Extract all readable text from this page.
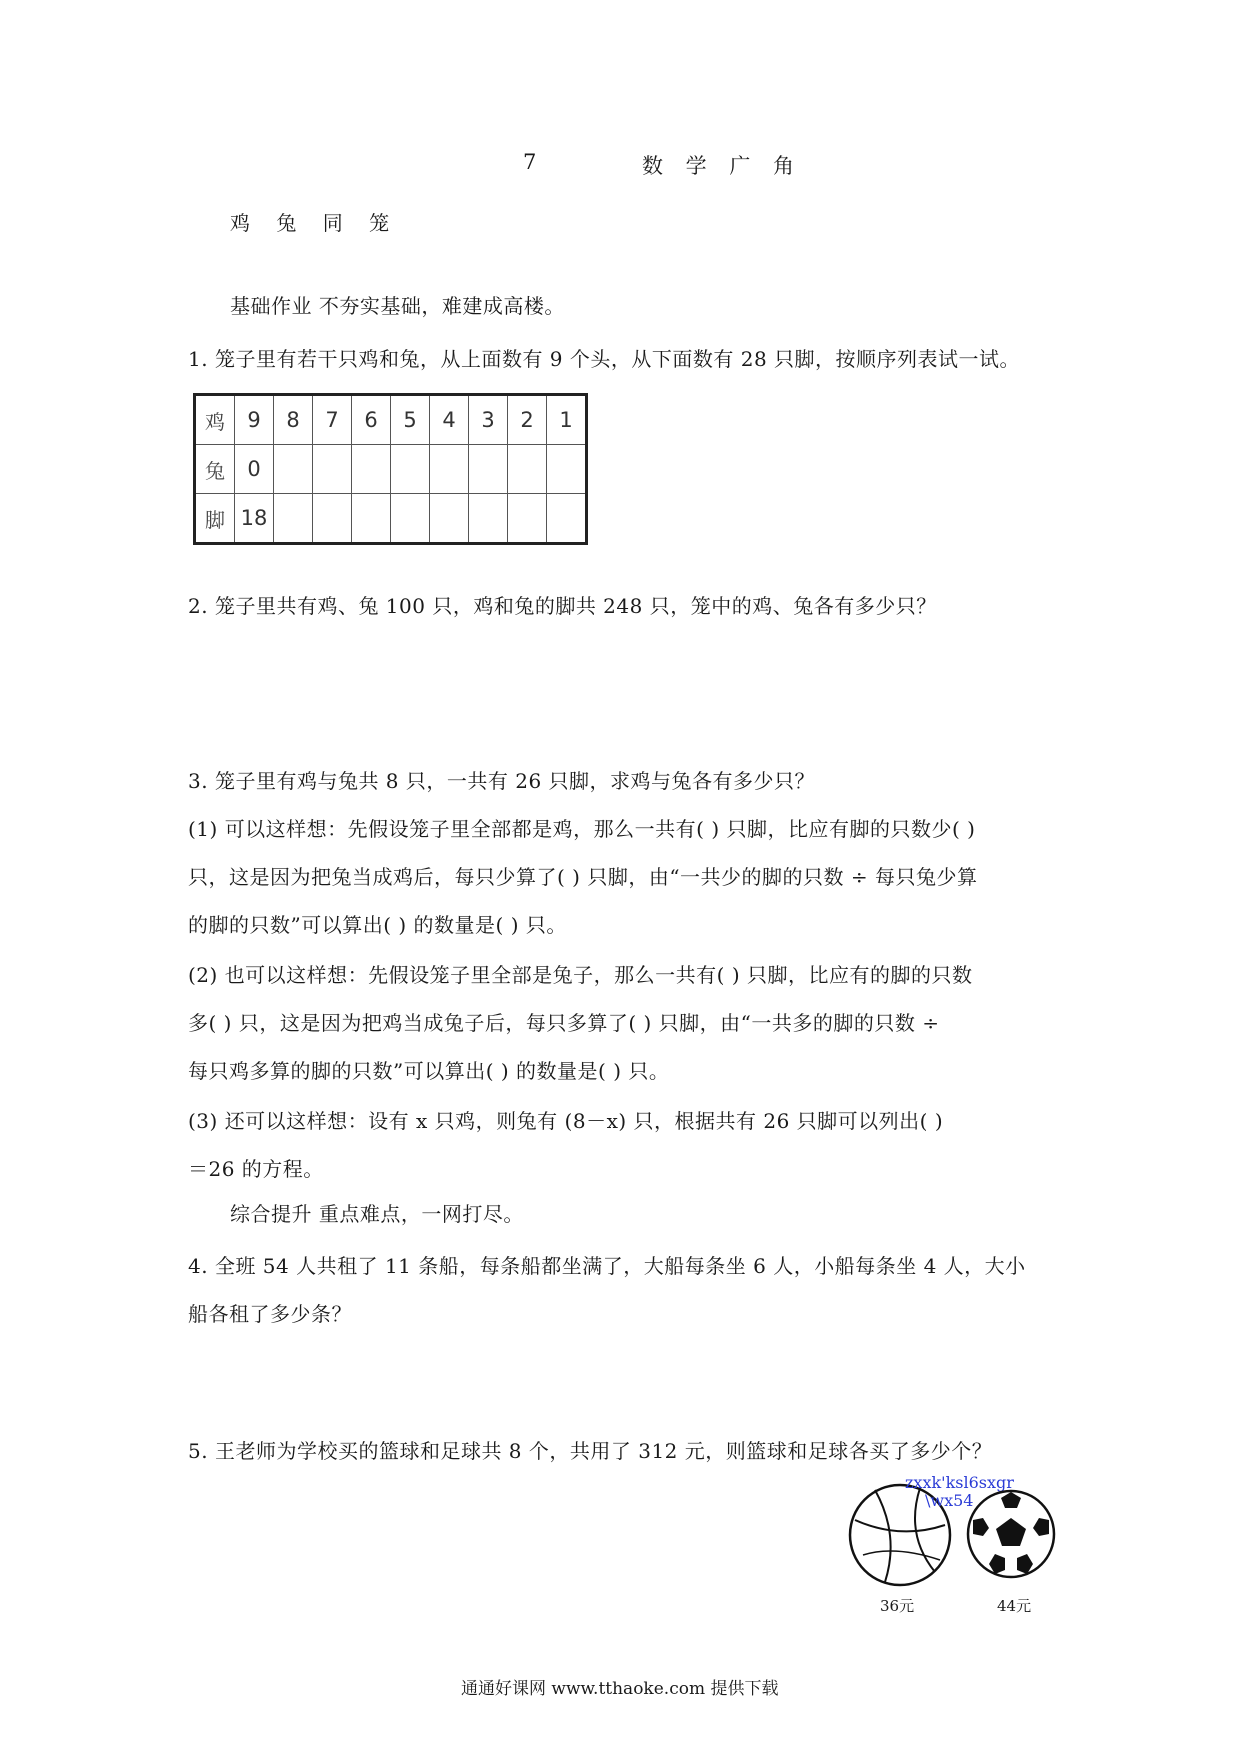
7	数 学 广 角
鸡 兔 同 笼
基础作业 不夯实基础，难建成高楼。
1. 笼子里有若干只鸡和兔，从上面数有 9 个头，从下面数有 28 只脚，按顺序列表试一试。
鸡	9	8	7	6	5	4	3	2	1
兔	0								
脚	18								
2. 笼子里共有鸡、兔 100 只，鸡和兔的脚共 248 只，笼中的鸡、兔各有多少只？
3. 笼子里有鸡与兔共 8 只，一共有 26 只脚，求鸡与兔各有多少只？
(1) 可以这样想：先假设笼子里全部都是鸡，那么一共有( ) 只脚，比应有脚的只数少( )
只，这是因为把兔当成鸡后，每只少算了( ) 只脚，由“一共少的脚的只数 ÷ 每只兔少算
的脚的只数”可以算出( ) 的数量是( ) 只。
(2) 也可以这样想：先假设笼子里全部是兔子，那么一共有( ) 只脚，比应有的脚的只数
多( ) 只，这是因为把鸡当成兔子后，每只多算了( ) 只脚，由“一共多的脚的只数 ÷
每只鸡多算的脚的只数”可以算出( ) 的数量是( ) 只。
(3) 还可以这样想：设有 x 只鸡，则兔有 (8－x) 只，根据共有 26 只脚可以列出( )
＝26 的方程。
综合提升 重点难点，一网打尽。
4. 全班 54 人共租了 11 条船，每条船都坐满了，大船每条坐 6 人，小船每条坐 4 人，大小
船各租了多少条？
5. 王老师为学校买的篮球和足球共 8 个，共用了 312 元，则篮球和足球各买了多少个？
zxxk'ksl6sxgr
\wx54
36元	44元
通通好课网 www.tthaoke.com 提供下载
